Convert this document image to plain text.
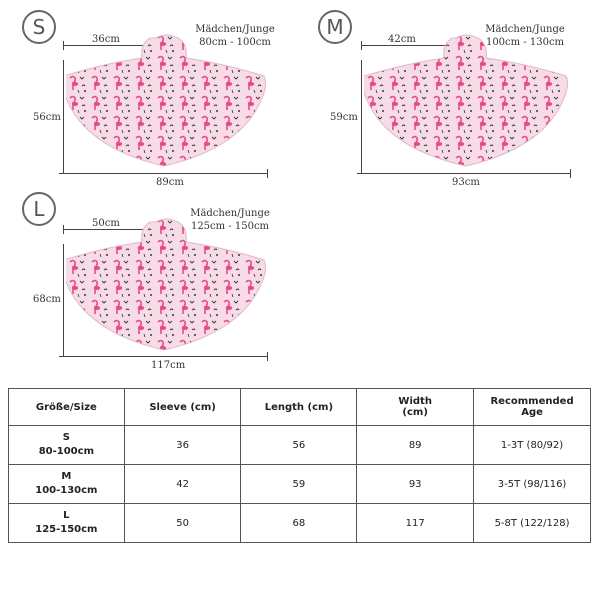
S	Mädchen/Junge
80cm - 100cm
36cm
56cm
89cm
M	Mädchen/Junge
100cm - 130cm
42cm
59cm
93cm
L	Mädchen/Junge
125cm - 150cm
50cm
68cm
117cm
Größe/Size	Sleeve (cm)	Length (cm)	Width (cm)	Recommended Age
S
80-100cm	36	56	89	1-3T (80/92)
M
100-130cm	42	59	93	3-5T (98/116)
L
125-150cm	50	68	117	5-8T (122/128)
